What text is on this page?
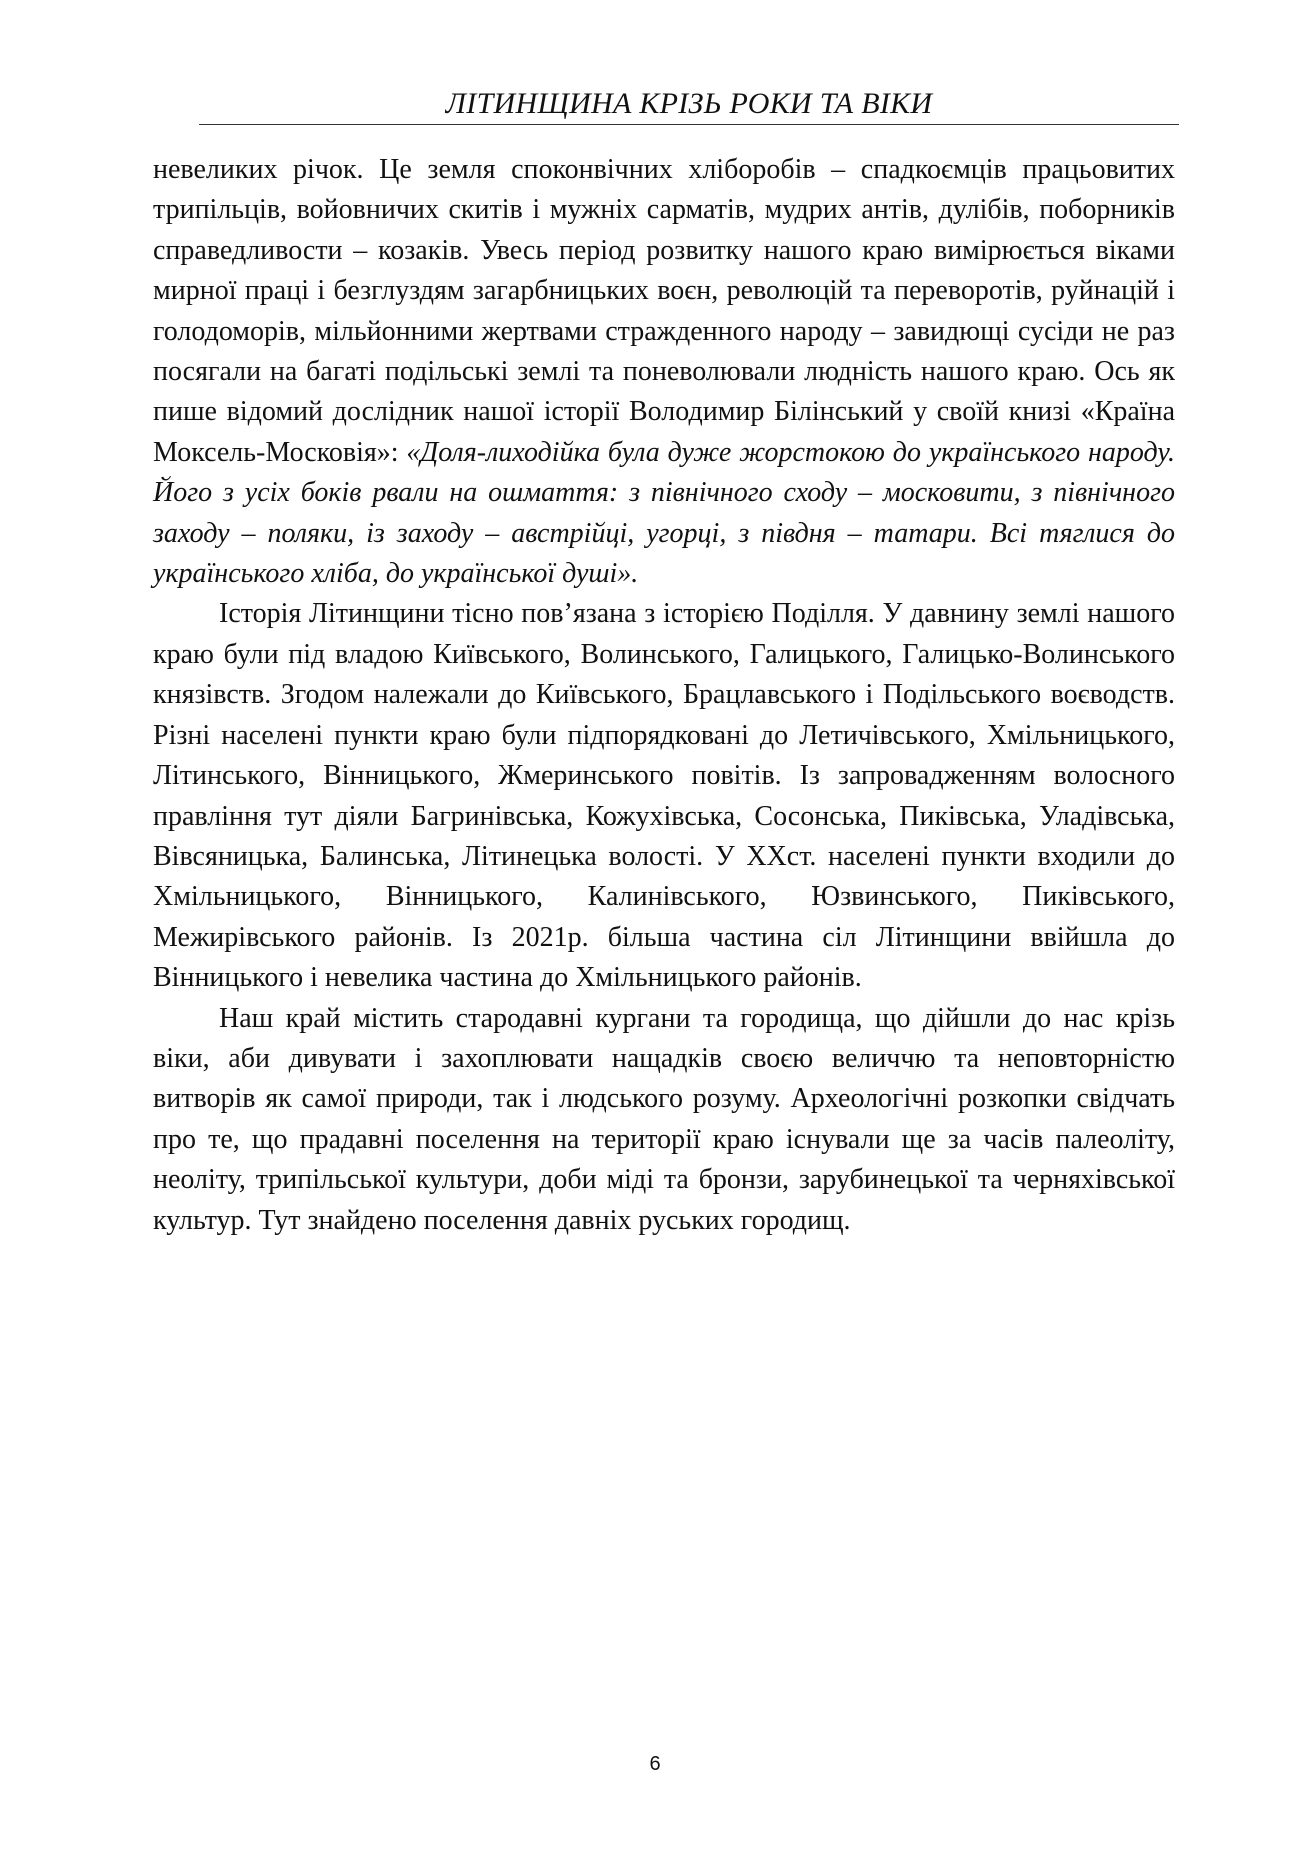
ЛІТИНЩИНА КРІЗЬ РОКИ ТА ВІКИ

невеликих річок. Це земля споконвічних хліборобів – спадкоємців працьовитих трипільців, войовничих скитів і мужніх сарматів, мудрих антів, дулібів, поборників справедливости – козаків. Увесь період розвитку нашого краю вимірюється віками мирної праці і безглуздям загарбницьких воєн, революцій та переворотів, руйнацій і голодоморів, мільйонними жертвами стражденного народу – завидющі сусіди не раз посягали на багаті подільські землі та поневолювали людність нашого краю. Ось як пише відомий дослідник нашої історії Володимир Білінський у своїй книзі «Країна Моксель-Московія»: «Доля-лиходійка була дуже жорстокою до українського народу. Його з усіх боків рвали на ошмаття: з північного сходу – московити, з північного заходу – поляки, із заходу – австрійці, угорці, з півдня – татари. Всі тяглися до українського хліба, до української душі».

Історія Літинщини тісно пов’язана з історією Поділля. У давнину землі нашого краю були під владою Київського, Волинського, Галицького, Галицько-Волинського князівств. Згодом належали до Київського, Брацлавського і Подільського воєводств. Різні населені пункти краю були підпорядковані до Летичівського, Хмільницького, Літинського, Вінницького, Жмеринського повітів. Із запровадженням волосного правління тут діяли Багринівська, Кожухівська, Сосонська, Пиківська, Уладівська, Вівсяницька, Балинська, Літинецька волості. У ХХст. населені пункти входили до Хмільницького, Вінницького, Калинівського, Юзвинського, Пиківського, Межирівського районів. Із 2021р. більша частина сіл Літинщини ввійшла до Вінницького і невелика частина до Хмільницького районів.

Наш край містить стародавні кургани та городища, що дійшли до нас крізь віки, аби дивувати і захоплювати нащадків своєю величчю та неповторністю витворів як самої природи, так і людського розуму. Археологічні розкопки свідчать про те, що прадавні поселення на території краю існували ще за часів палеоліту, неоліту, трипільської культури, доби міді та бронзи, зарубинецької та черняхівської культур. Тут знайдено поселення давніх руських городищ.

6
